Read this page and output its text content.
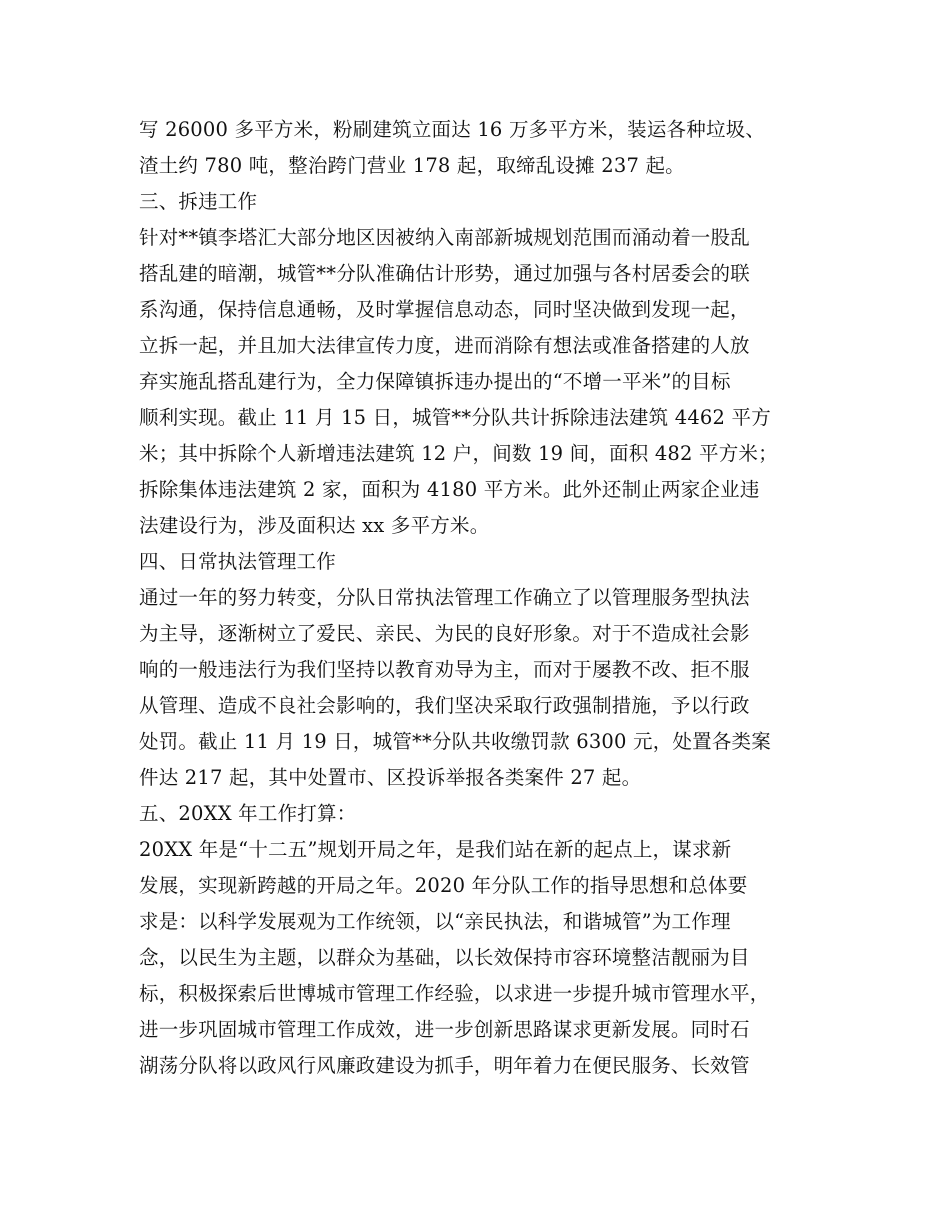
写 26000 多平方米，粉刷建筑立面达 16 万多平方米，装运各种垃圾、
渣土约 780 吨，整治跨门营业 178 起，取缔乱设摊 237 起。
三、拆违工作
针对**镇李塔汇大部分地区因被纳入南部新城规划范围而涌动着一股乱
搭乱建的暗潮，城管**分队准确估计形势，通过加强与各村居委会的联
系沟通，保持信息通畅，及时掌握信息动态，同时坚决做到发现一起，
立拆一起，并且加大法律宣传力度，进而消除有想法或准备搭建的人放
弃实施乱搭乱建行为，全力保障镇拆违办提出的“不增一平米”的目标
顺利实现。截止 11 月 15 日，城管**分队共计拆除违法建筑 4462 平方
米；其中拆除个人新增违法建筑 12 户，间数 19 间，面积 482 平方米；
拆除集体违法建筑 2 家，面积为 4180 平方米。此外还制止两家企业违
法建设行为，涉及面积达 xx 多平方米。
四、日常执法管理工作
通过一年的努力转变，分队日常执法管理工作确立了以管理服务型执法
为主导，逐渐树立了爱民、亲民、为民的良好形象。对于不造成社会影
响的一般违法行为我们坚持以教育劝导为主，而对于屡教不改、拒不服
从管理、造成不良社会影响的，我们坚决采取行政强制措施，予以行政
处罚。截止 11 月 19 日，城管**分队共收缴罚款 6300 元，处置各类案
件达 217 起，其中处置市、区投诉举报各类案件 27 起。
五、20XX 年工作打算：
20XX 年是“十二五”规划开局之年，是我们站在新的起点上，谋求新
发展，实现新跨越的开局之年。2020 年分队工作的指导思想和总体要
求是：以科学发展观为工作统领，以“亲民执法，和谐城管”为工作理
念，以民生为主题，以群众为基础，以长效保持市容环境整洁靓丽为目
标，积极探索后世博城市管理工作经验，以求进一步提升城市管理水平，
进一步巩固城市管理工作成效，进一步创新思路谋求更新发展。同时石
湖荡分队将以政风行风廉政建设为抓手，明年着力在便民服务、长效管
